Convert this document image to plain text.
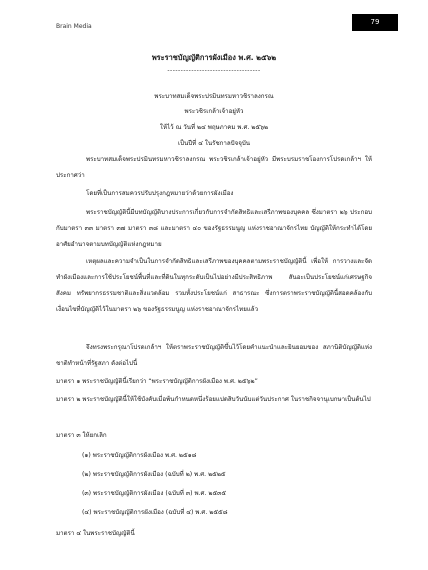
Brain Media
79
พระราชบัญญัติการผังเมือง พ.ศ. ๒๕๖๒
-----------------------------------
พระบาทสมเด็จพระปรมินทรมหาวชิราลงกรณ
พระวชิรเกล้าเจ้าอยู่หัว
ให้ไว้ ณ วันที่ ๒๔ พฤษภาคม พ.ศ. ๒๕๖๒
เป็นปีที่ ๔ ในรัชกาลปัจจุบัน
พระบาทสมเด็จพระปรมินทรมหาวชิราลงกรณ พระวชิรเกล้าเจ้าอยู่หัว มีพระบรมราชโองการโปรดเกล้าฯ ให้ประกาศว่า
โดยที่เป็นการสมควรปรับปรุงกฎหมายว่าด้วยการผังเมือง
พระราชบัญญัตินี้มีบทบัญญัติบางประการเกี่ยวกับการจำกัดสิทธิและเสรีภาพของบุคคล ซึ่งมาตรา ๒๖ ประกอบกับมาตรา ๓๓ มาตรา ๓๗ มาตรา ๓๘ และมาตรา ๔๐ ของรัฐธรรมนูญ แห่งราชอาณาจักรไทย บัญญัติให้กระทำได้โดยอาศัยอำนาจตามบทบัญญัติแห่งกฎหมาย
เหตุผลและความจำเป็นในการจำกัดสิทธิและเสรีภาพของบุคคลตามพระราชบัญญัตินี้ เพื่อให้ การวางและจัดทำผังเมืองและการใช้ประโยชน์พื้นที่และที่ดินในทุกระดับเป็นไปอย่างมีประสิทธิภาพ สันอะเป็นประโยชน์แก่เศรษฐกิจ สังคม ทรัพยากรธรรมชาติและสิ่งแวดล้อม รวมทั้งประโยชน์แก่ สาธารณะ ซึ่งการตราพระราชบัญญัตินี้สอดคล้องกับเงื่อนไขที่บัญญัติไว้ในมาตรา ๒๖ ของรัฐธรรมนูญ แห่งราชอาณาจักรไทยแล้ว
จึงทรงพระกรุณาโปรดเกล้าฯ ให้ตราพระราชบัญญัติขึ้นไว้โดยคำแนะนำและยินยอมของ สภานิติบัญญัติแห่งชาติทำหน้าที่รัฐสภา ดังต่อไปนี้
มาตรา ๑ พระราชบัญญัตินี้เรียกว่า “พระราชบัญญัติการผังเมือง พ.ศ. ๒๕๖๒”
มาตรา ๒ พระราชบัญญัตินี้ให้ใช้บังคับเมื่อพ้นกำหนดหนึ่งร้อยแปดสิบวันนับแต่วันประกาศ ในราชกิจจานุเบกษาเป็นต้นไป
มาตรา ๓ ให้ยกเลิก
(๑) พระราชบัญญัติการผังเมือง พ.ศ. ๒๕๑๘
(๒) พระราชบัญญัติการผังเมือง (ฉบับที่ ๒) พ.ศ. ๒๕๒๕
(๓) พระราชบัญญัติการผังเมือง (ฉบับที่ ๓) พ.ศ. ๒๕๓๕
(๔) พระราชบัญญัติการผังเมือง (ฉบับที่ ๔) พ.ศ. ๒๕๕๘
มาตรา ๔ ในพระราชบัญญัตินี้
